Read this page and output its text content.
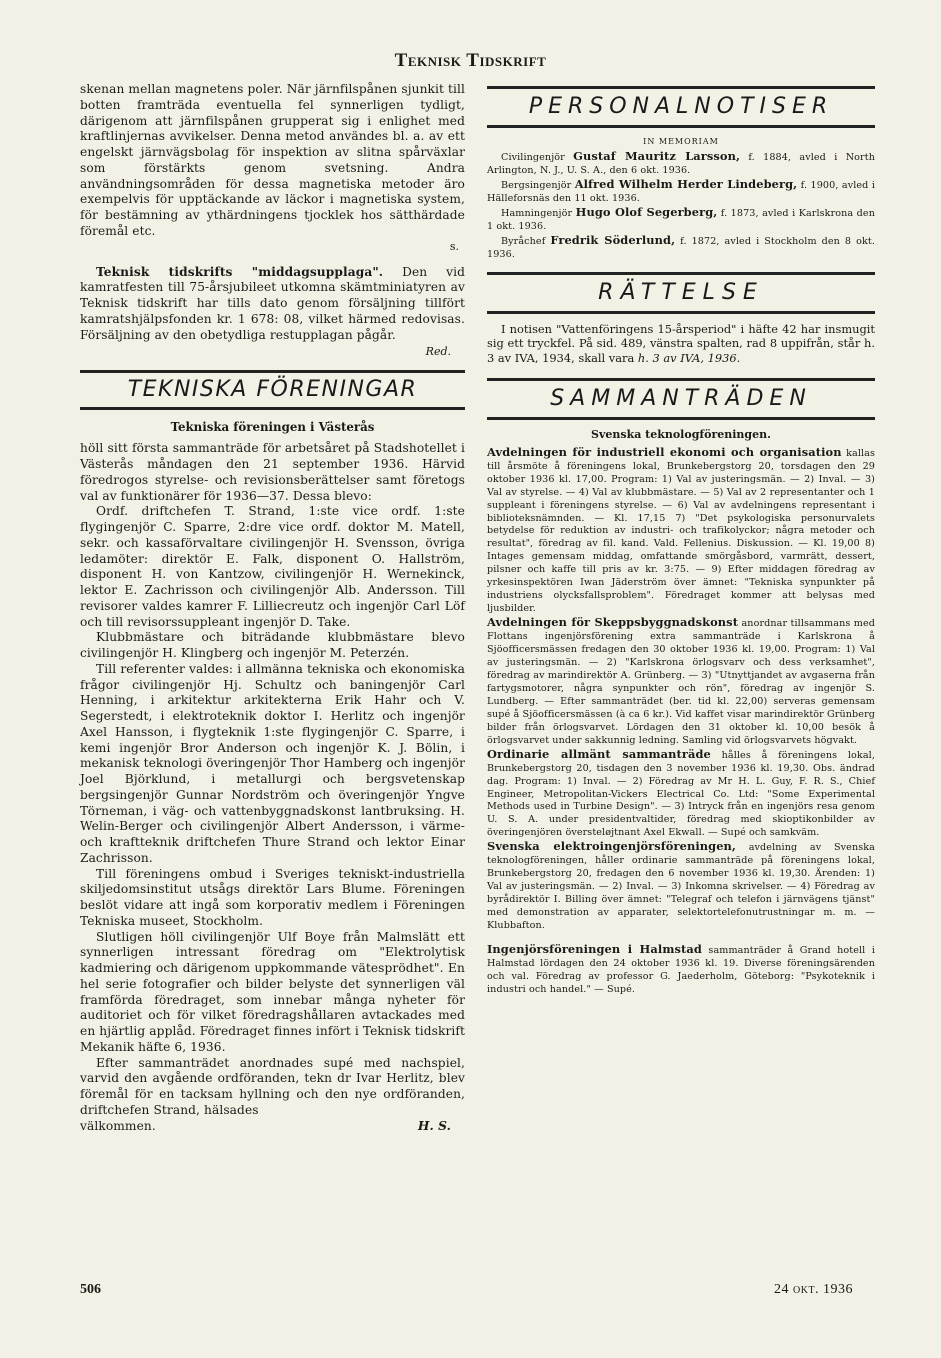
Teknisk Tidskrift

skenan mellan magnetens poler. När järnfilspånen sjunkit till botten framträda eventuella fel synnerligen tydligt, därigenom att järnfilspånen grupperat sig i enlighet med kraftlinjernas avvikelser. Denna metod användes bl. a. av ett engelskt järnvägsbolag för inspektion av slitna spårväxlar som förstärkts genom svetsning. Andra användningsområden för dessa magnetiska metoder äro exempelvis för upptäckande av läckor i magnetiska system, för bestämning av ythärdningens tjocklek hos sätthärdade föremål etc.

s.

Teknisk tidskrifts "middagsupplaga". Den vid kamratfesten till 75-årsjubileet utkomna skämtminiatyren av Teknisk tidskrift har tills dato genom försäljning tillfört kamratshjälpsfonden kr. 1 678: 08, vilket härmed redovisas. Försäljning av den obetydliga restupplagan pågår.

Red.

TEKNISKA FÖRENINGAR
Tekniska föreningen i Västerås

höll sitt första sammanträde för arbetsåret på Stadshotellet i Västerås måndagen den 21 september 1936. Härvid föredrogos styrelse- och revisionsberättelser samt företogs val av funktionärer för 1936—37. Dessa blevo:

Ordf. driftchefen T. Strand, 1:ste vice ordf. 1:ste flygingenjör C. Sparre, 2:dre vice ordf. doktor M. Matell, sekr. och kassaförvaltare civilingenjör H. Svensson, övriga ledamöter: direktör E. Falk, disponent O. Hallström, disponent H. von Kantzow, civilingenjör H. Wernekinck, lektor E. Zachrisson och civilingenjör Alb. Andersson. Till revisorer valdes kamrer F. Lilliecreutz och ingenjör Carl Löf och till revisorssuppleant ingenjör D. Take.

Klubbmästare och biträdande klubbmästare blevo civilingenjör H. Klingberg och ingenjör M. Peterzén.

Till referenter valdes: i allmänna tekniska och ekonomiska frågor civilingenjör Hj. Schultz och baningenjör Carl Henning, i arkitektur arkitekterna Erik Hahr och V. Segerstedt, i elektroteknik doktor I. Herlitz och ingenjör Axel Hansson, i flygteknik 1:ste flygingenjör C. Sparre, i kemi ingenjör Bror Anderson och ingenjör K. J. Bölin, i mekanisk teknologi överingenjör Thor Hamberg och ingenjör Joel Björklund, i metallurgi och bergsvetenskap bergsingenjör Gunnar Nordström och överingenjör Yngve Törneman, i väg- och vattenbyggnadskonst lantbruksing. H. Welin-Berger och civilingenjör Albert Andersson, i värme- och kraftteknik driftchefen Thure Strand och lektor Einar Zachrisson.

Till föreningens ombud i Sveriges tekniskt-industriella skiljedomsinstitut utsågs direktör Lars Blume. Föreningen beslöt vidare att ingå som korporativ medlem i Föreningen Tekniska museet, Stockholm.

Slutligen höll civilingenjör Ulf Boye från Malmslätt ett synnerligen intressant föredrag om "Elektrolytisk kadmiering och därigenom uppkommande vätesprödhet". En hel serie fotografier och bilder belyste det synnerligen väl framförda föredraget, som innebar många nyheter för auditoriet och för vilket föredragshållaren avtackades med en hjärtlig applåd. Föredraget finnes infört i Teknisk tidskrift Mekanik häfte 6, 1936.

Efter sammanträdet anordnades supé med nachspiel, varvid den avgående ordföranden, tekn dr Ivar Herlitz, blev föremål för en tacksam hyllning och den nye ordföranden, driftchefen Strand, hälsades

välkommen.	H. S.
PERSONALNOTISER
IN MEMORIAM

Civilingenjör Gustaf Mauritz Larsson, f. 1884, avled i North Arlington, N. J., U. S. A., den 6 okt. 1936.

Bergsingenjör Alfred Wilhelm Herder Lindeberg, f. 1900, avled i Hälleforsnäs den 11 okt. 1936.

Hamningenjör Hugo Olof Segerberg, f. 1873, avled i Karlskrona den 1 okt. 1936.

Byråchef Fredrik Söderlund, f. 1872, avled i Stockholm den 8 okt. 1936.

RÄTTELSE

I notisen "Vattenföringens 15-årsperiod" i häfte 42 har insmugit sig ett tryckfel. På sid. 489, vänstra spalten, rad 8 uppifrån, står h. 3 av IVA, 1934, skall vara h. 3 av IVA, 1936.

SAMMANTRÄDEN
Svenska teknologföreningen.

Avdelningen för industriell ekonomi och organisation kallas till årsmöte å föreningens lokal, Brunkebergstorg 20, torsdagen den 29 oktober 1936 kl. 17,00. Program: 1) Val av justeringsmän. — 2) Inval. — 3) Val av styrelse. — 4) Val av klubbmästare. — 5) Val av 2 representanter och 1 suppleant i föreningens styrelse. — 6) Val av avdelningens representant i biblioteksnämnden. — Kl. 17,15 7) "Det psykologiska personurvalets betydelse för reduktion av industri- och trafikolyckor; några metoder och resultat", föredrag av fil. kand. Vald. Fellenius. Diskussion. — Kl. 19,00 8) Intages gemensam middag, omfattande smörgåsbord, varmrätt, dessert, pilsner och kaffe till pris av kr. 3:75. — 9) Efter middagen föredrag av yrkesinspektören Iwan Jäderström över ämnet: "Tekniska synpunkter på industriens olycksfallsproblem". Föredraget kommer att belysas med ljusbilder.

Avdelningen för Skeppsbyggnadskonst anordnar tillsammans med Flottans ingenjörsförening extra sammanträde i Karlskrona å Sjöofficersmässen fredagen den 30 oktober 1936 kl. 19,00. Program: 1) Val av justeringsmän. — 2) "Karlskrona örlogsvarv och dess verksamhet", föredrag av marindirektör A. Grünberg. — 3) "Utnyttjandet av avgaserna från fartygsmotorer, några synpunkter och rön", föredrag av ingenjör S. Lundberg. — Efter sammanträdet (ber. tid kl. 22,00) serveras gemensam supé å Sjöofficersmässen (à ca 6 kr.). Vid kaffet visar marindirektör Grünberg bilder från örlogsvarvet. Lördagen den 31 oktober kl. 10,00 besök å örlogsvarvet under sakkunnig ledning. Samling vid örlogsvarvets högvakt.

Ordinarie allmänt sammanträde hålles å föreningens lokal, Brunkebergstorg 20, tisdagen den 3 november 1936 kl. 19,30. Obs. ändrad dag. Program: 1) Inval. — 2) Föredrag av Mr H. L. Guy, F. R. S., Chief Engineer, Metropolitan-Vickers Electrical Co. Ltd: "Some Experimental Methods used in Turbine Design". — 3) Intryck från en ingenjörs resa genom U. S. A. under presidentvaltider, föredrag med skioptikonbilder av överingenjören översteløjtnant Axel Ekwall. — Supé och samkväm.

Svenska elektroingenjörsföreningen, avdelning av Svenska teknologföreningen, håller ordinarie sammanträde på föreningens lokal, Brunkebergstorg 20, fredagen den 6 november 1936 kl. 19,30. Ärenden: 1) Val av justeringsmän. — 2) Inval. — 3) Inkomna skrivelser. — 4) Föredrag av byrådirektör I. Billing över ämnet: "Telegraf och telefon i järnvägens tjänst" med demonstration av apparater, selektortelefonutrustningar m. m. — Klubbafton.

Ingenjörsföreningen i Halmstad sammanträder å Grand hotell i Halmstad lördagen den 24 oktober 1936 kl. 19. Diverse föreningsärenden och val. Föredrag av professor G. Jaederholm, Göteborg: "Psykoteknik i industri och handel." — Supé.

506	24 okt. 1936
